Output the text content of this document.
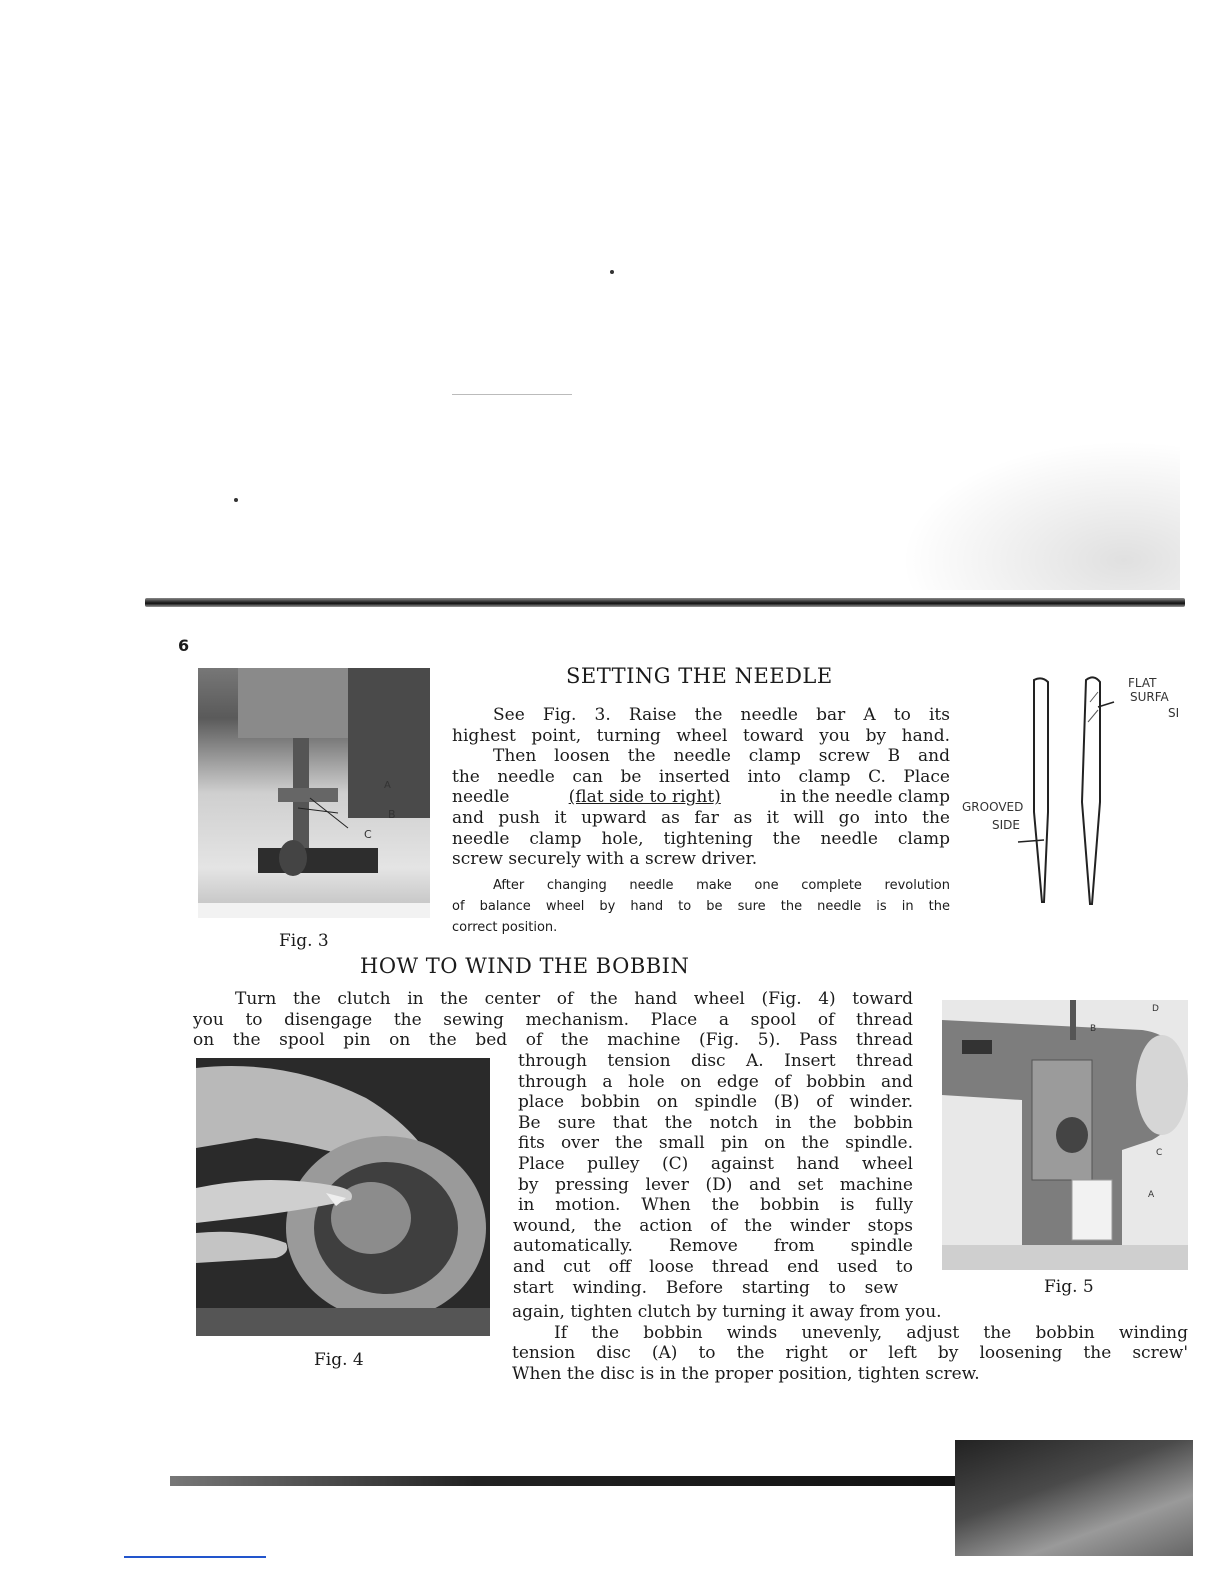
6
A
B
C
Fig. 3
SETTING THE NEEDLE
See Fig. 3. Raise the needle bar A to its
highest point, turning wheel toward you by hand.
Then loosen the needle clamp screw B and
the needle can be inserted into clamp C. Place
needle	(flat side to right)	in the needle clamp
and push it upward as far as it will go into the
needle clamp hole, tightening the needle clamp
screw securely with a screw driver.
After changing needle make one complete revolution
of balance wheel by hand to be sure the needle is in the
correct position.
GROOVED
SIDE
FLAT
SURFA
SI
HOW TO WIND THE BOBBIN
Turn the clutch in the center of the hand wheel (Fig. 4) toward
you to disengage the sewing mechanism. Place a spool of thread
on the spool pin on the bed of the machine (Fig. 5). Pass thread
through tension disc A. Insert thread
through a hole on edge of bobbin and
place bobbin on spindle (B) of winder.
Be sure that the notch in the bobbin
fits over the small pin on the spindle.
Place pulley (C) against hand wheel
by pressing lever (D) and set machine
in motion. When the bobbin is fully
wound, the action of the winder stops
automatically. Remove from spindle
and cut off loose thread end used to
start winding. Before starting to sew
again, tighten clutch by turning it away from you.
If the bobbin winds unevenly, adjust the bobbin winding
tension disc (A) to the right or left by loosening the screw'
When the disc is in the proper position, tighten screw.
Fig. 4
D
B
C
A
Fig. 5
